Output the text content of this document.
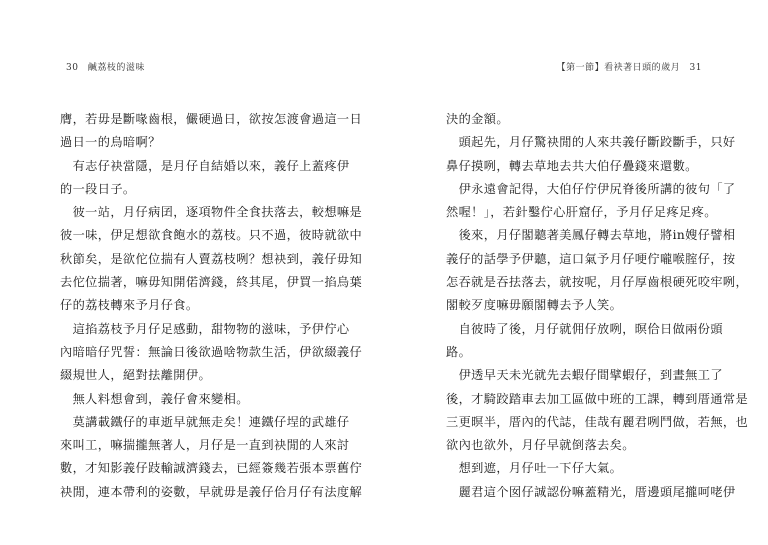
30 鹹荔枝的滋味
膺，若毋是斷喙齒根，儼硬過日，欲按怎渡會過這一日
過日一的烏暗啊？
　有志仔袂當隱，是月仔自結婚以來，義仔上蓋疼伊
的一段日子。
　彼一站，月仔病囝，逐項物件全食扶落去，較想嘛是
彼一味，伊足想欲食飽水的荔枝。只不過，彼時就欲中
秋節矣，是欲佗位揣有人賣荔枝咧？想袂到，義仔毋知
去佗位揣著，嘛毋知開偌濟錢，終其尾，伊買一掐烏葉
仔的荔枝轉來予月仔食。
　這掐荔枝予月仔足感動，甜物物的滋味，予伊佇心
內暗暗仔咒誓：無論日後欲過啥物款生活，伊欲綴義仔
綴規世人，絕對抾離開伊。
　無人料想會到，義仔會來變相。
　莫講載鐵仔的車逝早就無走矣！連鐵仔埕的武雄仔
來叫工，嘛揣攏無著人，月仔是一直到袂閒的人來討
數，才知影義仔跂輸誠濟錢去，已經簽幾若張本票舊佇
袂閒，連本帶利的姿數，早就毋是義仔佮月仔有法度解
【第一節】看袂著日頭的歲月 31
決的金額。
　頭起先，月仔驚袂閒的人來共義仔斷跤斷手，只好
鼻仔摸咧，轉去草地去共大伯仔疊錢來還數。
　伊永遠會記得，大伯仔佇伊尻脊後所講的彼句「了
然喔！」，若針鑿佇心肝窟仔，予月仔足疼足疼。
　後來，月仔閣聽著美鳳仔轉去草地，將in嫂仔譬相
義仔的話學予伊聽，這口氣予月仔哽佇嚨喉腟仔，按
怎吞就是吞抾落去，就按呢，月仔厚齒根硬死咬牢咧，
閣較歹度嘛毋願閣轉去予人笑。
　自彼時了後，月仔就佣仔放咧，暝佮日做兩份頭
路。
　伊透早天未光就先去蝦仔間擘蝦仔，到晝無工了
後，才騎跤踏車去加工區做中班的工課，轉到厝通常是
三更暝半，厝內的代誌，佳哉有麗君咧鬥做，若無，也
欲內也欲外，月仔早就倒落去矣。
　想到遮，月仔吐一下仔大氣。
　麗君這个囡仔誠認份嘛蓋精光，厝邊頭尾攏呵咾伊
